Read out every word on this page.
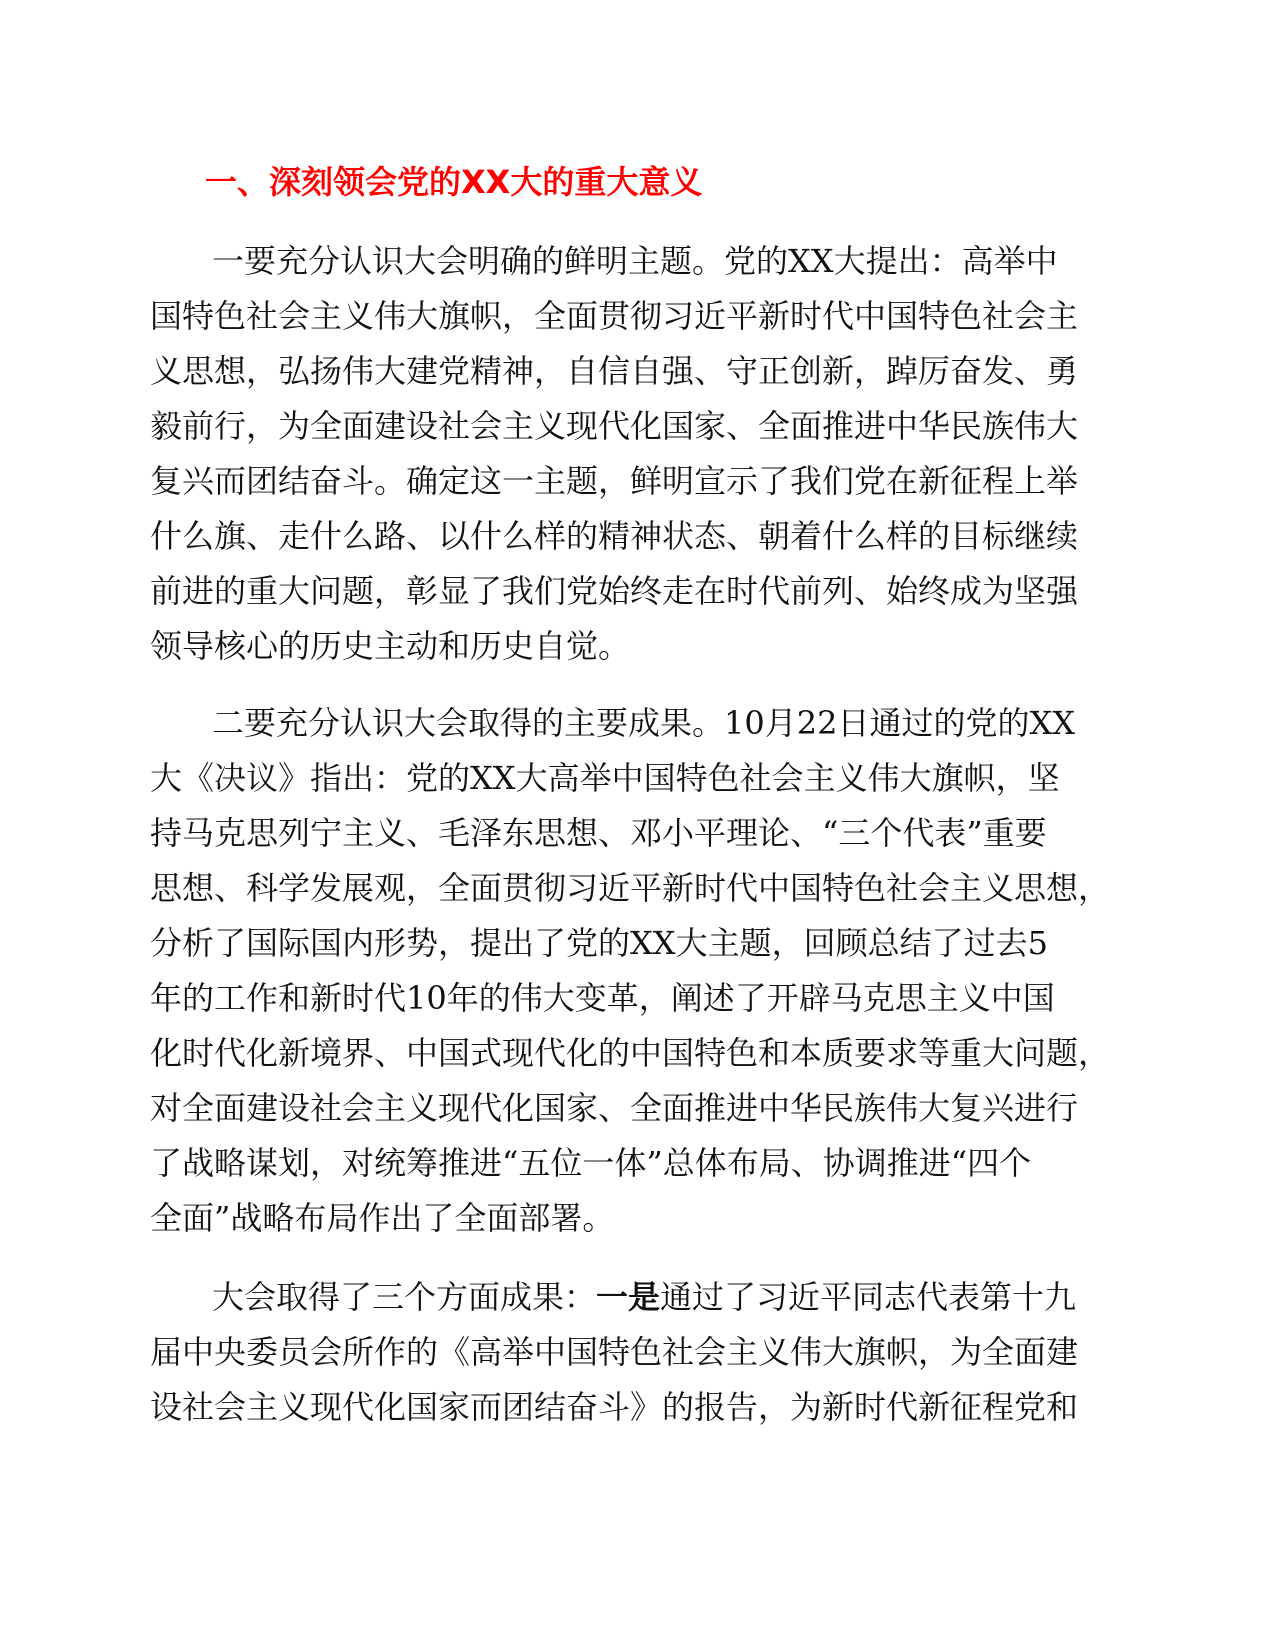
一、深刻领会党的XX大的重大意义

一要充分认识大会明确的鲜明主题。党的XX大提出：高举中
国特色社会主义伟大旗帜，全面贯彻习近平新时代中国特色社会主
义思想，弘扬伟大建党精神，自信自强、守正创新，踔厉奋发、勇
毅前行，为全面建设社会主义现代化国家、全面推进中华民族伟大
复兴而团结奋斗。确定这一主题，鲜明宣示了我们党在新征程上举
什么旗、走什么路、以什么样的精神状态、朝着什么样的目标继续
前进的重大问题，彰显了我们党始终走在时代前列、始终成为坚强
领导核心的历史主动和历史自觉。

二要充分认识大会取得的主要成果。10月22日通过的党的XX
大《决议》指出：党的XX大高举中国特色社会主义伟大旗帜，坚
持马克思列宁主义、毛泽东思想、邓小平理论、“三个代表”重要
思想、科学发展观，全面贯彻习近平新时代中国特色社会主义思想，
分析了国际国内形势，提出了党的XX大主题，回顾总结了过去5
年的工作和新时代10年的伟大变革，阐述了开辟马克思主义中国
化时代化新境界、中国式现代化的中国特色和本质要求等重大问题，
对全面建设社会主义现代化国家、全面推进中华民族伟大复兴进行
了战略谋划，对统筹推进“五位一体”总体布局、协调推进“四个
全面”战略布局作出了全面部署。

大会取得了三个方面成果：一是通过了习近平同志代表第十九
届中央委员会所作的《高举中国特色社会主义伟大旗帜，为全面建
设社会主义现代化国家而团结奋斗》的报告，为新时代新征程党和
